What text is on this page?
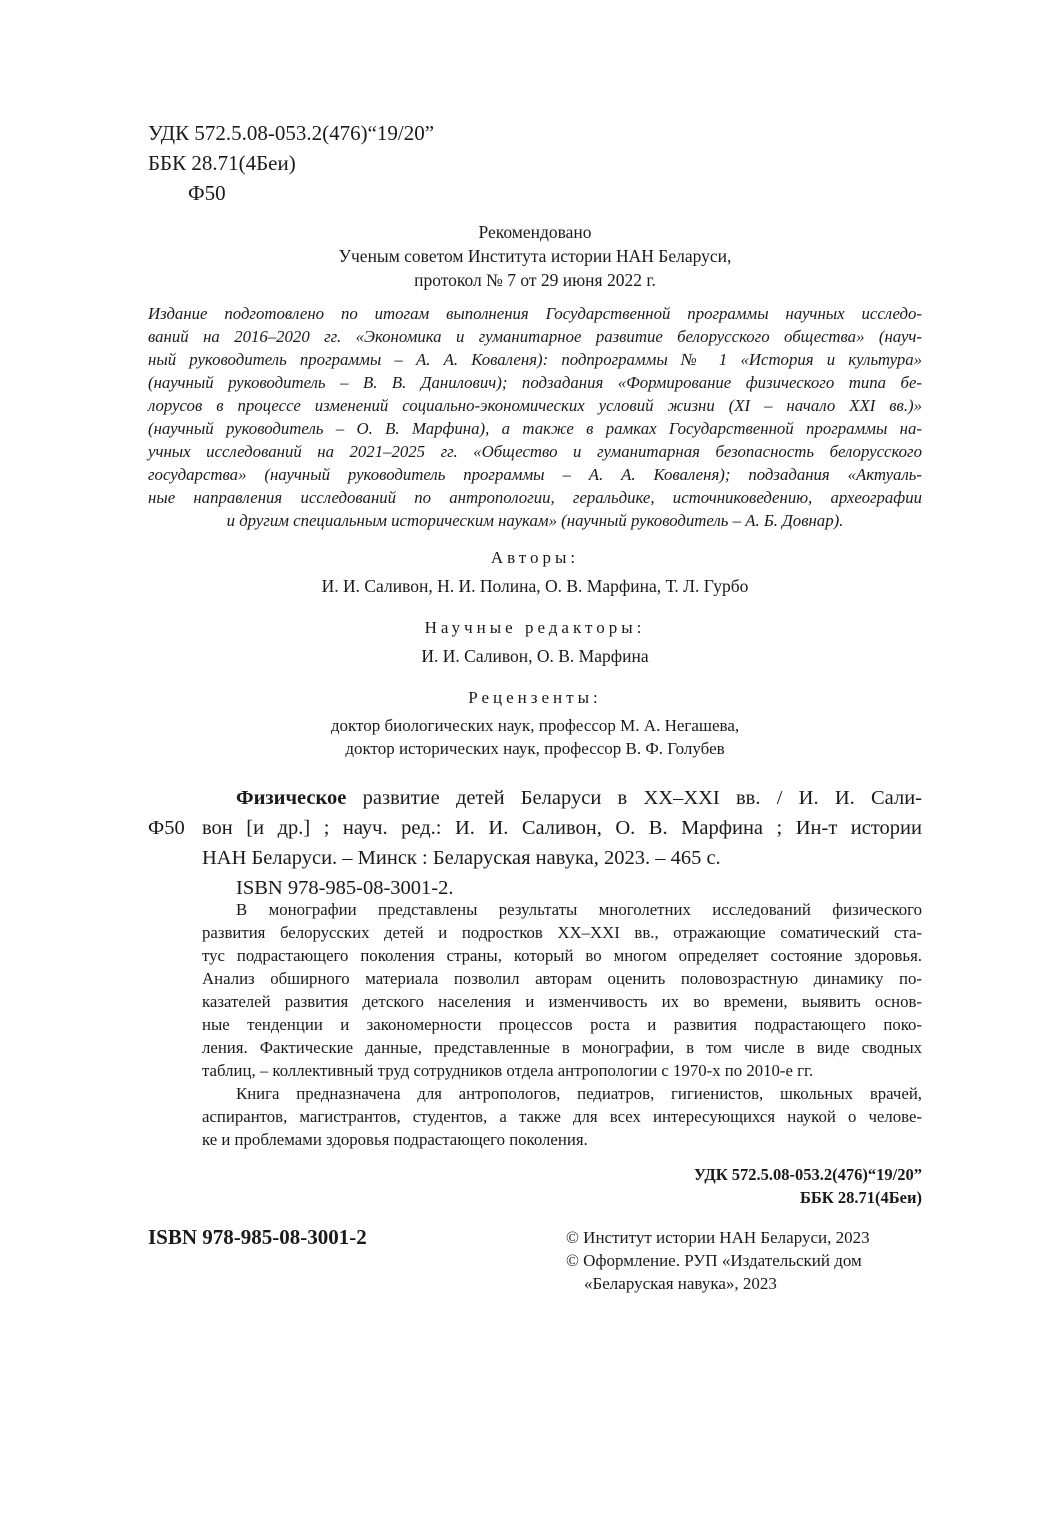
УДК 572.5.08-053.2(476)“19/20”
ББК 28.71(4Беи)
Ф50
Рекомендовано
Ученым советом Института истории НАН Беларуси,
протокол № 7 от 29 июня 2022 г.
Издание подготовлено по итогам выполнения Государственной программы научных исследо-
ваний на 2016–2020 гг. «Экономика и гуманитарное развитие белорусского общества» (науч-
ный руководитель программы – А. А. Коваленя): подпрограммы № 1 «История и культура»
(научный руководитель – В. В. Данилович); подзадания «Формирование физического типа бе-
лорусов в процессе изменений социально-экономических условий жизни (XI – начало XXI вв.)»
(научный руководитель – О. В. Марфина), а также в рамках Государственной программы на-
учных исследований на 2021–2025 гг. «Общество и гуманитарная безопасность белорусского
государства» (научный руководитель программы – А. А. Коваленя); подзадания «Актуаль-
ные направления исследований по антропологии, геральдике, источниковедению, археографии
и другим специальным историческим наукам» (научный руководитель – А. Б. Довнар).
Авторы:
И. И. Саливон, Н. И. Полина, О. В. Марфина, Т. Л. Гурбо
Научные редакторы:
И. И. Саливон, О. В. Марфина
Рецензенты:
доктор биологических наук, профессор М. А. Негашева,
доктор исторических наук, профессор В. Ф. Голубев
Ф50
Физическое развитие детей Беларуси в XX–XXI вв. / И. И. Сали-
вон [и др.] ; науч. ред.: И. И. Саливон, О. В. Марфина ; Ин-т истории
НАН Беларуси. – Минск : Беларуская навука, 2023. – 465 с.
ISBN 978-985-08-3001-2.
В монографии представлены результаты многолетних исследований физического
развития белорусских детей и подростков XX–XXI вв., отражающие соматический ста-
тус подрастающего поколения страны, который во многом определяет состояние здоровья.
Анализ обширного материала позволил авторам оценить половозрастную динамику по-
казателей развития детского населения и изменчивость их во времени, выявить основ-
ные тенденции и закономерности процессов роста и развития подрастающего поко-
ления. Фактические данные, представленные в монографии, в том числе в виде сводных
таблиц, – коллективный труд сотрудников отдела антропологии с 1970-х по 2010-е гг.
Книга предназначена для антропологов, педиатров, гигиенистов, школьных врачей,
аспирантов, магистрантов, студентов, а также для всех интересующихся наукой о челове-
ке и проблемами здоровья подрастающего поколения.
УДК 572.5.08-053.2(476)“19/20”
ББК 28.71(4Беи)
ISBN 978-985-08-3001-2	© Институт истории НАН Беларуси, 2023
© Оформление. РУП «Издательский дом
«Беларуская навука», 2023
